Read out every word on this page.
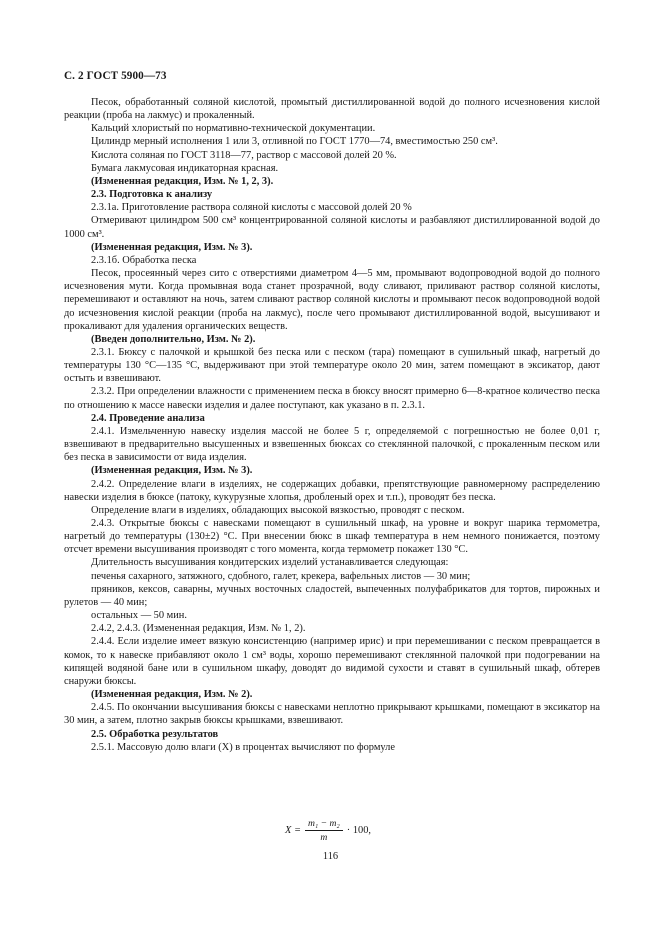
С. 2 ГОСТ 5900—73

Песок, обработанный соляной кислотой, промытый дистиллированной водой до полного исчезновения кислой реакции (проба на лакмус) и прокаленный.

Кальций хлористый по нормативно-технической документации.

Цилиндр мерный исполнения 1 или 3, отливной по ГОСТ 1770—74, вместимостью 250 см³.

Кислота соляная по ГОСТ 3118—77, раствор с массовой долей 20 %.

Бумага лакмусовая индикаторная красная.

(Измененная редакция, Изм. № 1, 2, 3).

2.3. Подготовка к анализу

2.3.1а. Приготовление раствора соляной кислоты с массовой долей 20 %

Отмеривают цилиндром 500 см³ концентрированной соляной кислоты и разбавляют дистиллированной водой до 1000 см³.

(Измененная редакция, Изм. № 3).

2.3.1б. Обработка песка

Песок, просеянный через сито с отверстиями диаметром 4—5 мм, промывают водопроводной водой до полного исчезновения мути. Когда промывная вода станет прозрачной, воду сливают, приливают раствор соляной кислоты, перемешивают и оставляют на ночь, затем сливают раствор соляной кислоты и промывают песок водопроводной водой до исчезновения кислой реакции (проба на лакмус), после чего промывают дистиллированной водой, высушивают и прокаливают для удаления органических веществ.

(Введен дополнительно, Изм. № 2).

2.3.1. Бюксу с палочкой и крышкой без песка или с песком (тара) помещают в сушильный шкаф, нагретый до температуры 130 °С—135 °С, выдерживают при этой температуре около 20 мин, затем помещают в эксикатор, дают остыть и взвешивают.

2.3.2. При определении влажности с применением песка в бюксу вносят примерно 6—8-кратное количество песка по отношению к массе навески изделия и далее поступают, как указано в п. 2.3.1.

2.4. Проведение анализа

2.4.1. Измельченную навеску изделия массой не более 5 г, определяемой с погрешностью не более 0,01 г, взвешивают в предварительно высушенных и взвешенных бюксах со стеклянной палочкой, с прокаленным песком или без песка в зависимости от вида изделия.

(Измененная редакция, Изм. № 3).

2.4.2. Определение влаги в изделиях, не содержащих добавки, препятствующие равномерному распределению навески изделия в бюксе (патоку, кукурузные хлопья, дробленый орех и т.п.), проводят без песка.

Определение влаги в изделиях, обладающих высокой вязкостью, проводят с песком.

2.4.3. Открытые бюксы с навесками помещают в сушильный шкаф, на уровне и вокруг шарика термометра, нагретый до температуры (130±2) °С. При внесении бюкс в шкаф температура в нем немного понижается, поэтому отсчет времени высушивания производят с того момента, когда термометр покажет 130 °С.

Длительность высушивания кондитерских изделий устанавливается следующая:

печенья сахарного, затяжного, сдобного, галет, крекера, вафельных листов — 30 мин;

пряников, кексов, саварны, мучных восточных сладостей, выпеченных полуфабрикатов для тортов, пирожных и рулетов — 40 мин;

остальных — 50 мин.

2.4.2, 2.4.3. (Измененная редакция, Изм. № 1, 2).

2.4.4. Если изделие имеет вязкую консистенцию (например ирис) и при перемешивании с песком превращается в комок, то к навеске прибавляют около 1 см³ воды, хорошо перемешивают стеклянной палочкой при подогревании на кипящей водяной бане или в сушильном шкафу, доводят до видимой сухости и ставят в сушильный шкаф, обтерев снаружи бюксы.

(Измененная редакция, Изм. № 2).

2.4.5. По окончании высушивания бюксы с навесками неплотно прикрывают крышками, помещают в эксикатор на 30 мин, а затем, плотно закрыв бюксы крышками, взвешивают.

2.5. Обработка результатов

2.5.1. Массовую долю влаги (X) в процентах вычисляют по формуле

$X = \frac{\text{m₁ − m₂}}{m} \cdot 100$,
116
